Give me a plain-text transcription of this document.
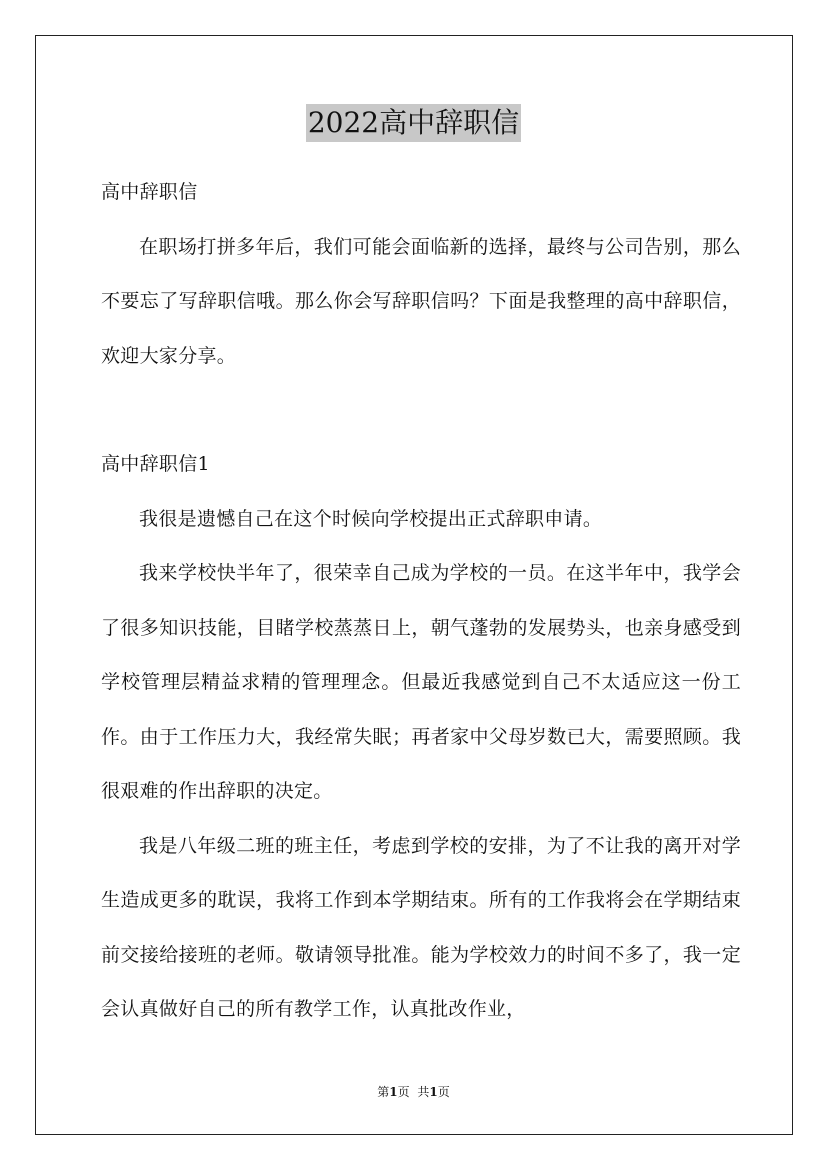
2022高中辞职信

高中辞职信

在职场打拼多年后，我们可能会面临新的选择，最终与公司告别，那么不要忘了写辞职信哦。那么你会写辞职信吗？下面是我整理的高中辞职信，欢迎大家分享。

高中辞职信1

我很是遗憾自己在这个时候向学校提出正式辞职申请。

我来学校快半年了，很荣幸自己成为学校的一员。在这半年中，我学会了很多知识技能，目睹学校蒸蒸日上，朝气蓬勃的发展势头，也亲身感受到学校管理层精益求精的管理理念。但最近我感觉到自己不太适应这一份工作。由于工作压力大，我经常失眠；再者家中父母岁数已大，需要照顾。我很艰难的作出辞职的决定。

我是八年级二班的班主任，考虑到学校的安排，为了不让我的离开对学生造成更多的耽误，我将工作到本学期结束。所有的工作我将会在学期结束前交接给接班的老师。敬请领导批准。能为学校效力的时间不多了，我一定会认真做好自己的所有教学工作，认真批改作业，

第1页 共1页
